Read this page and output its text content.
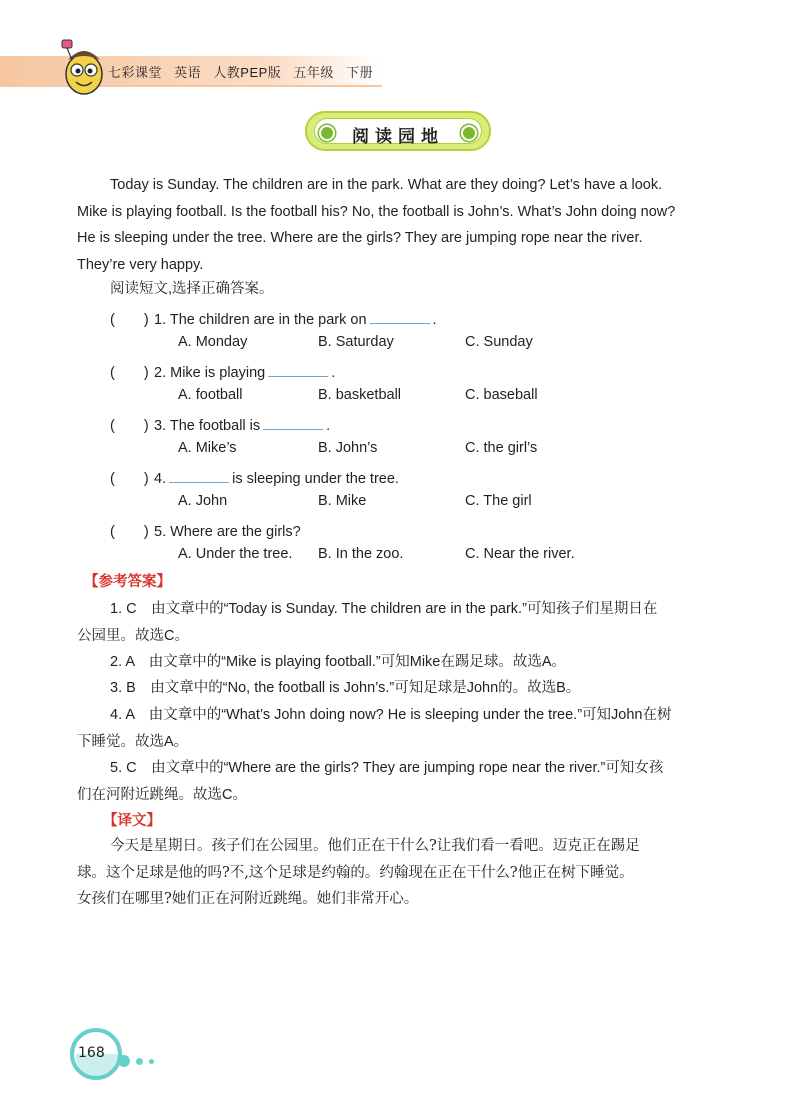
七彩课堂 英语 人教PEP版 五年级 下册
阅读园地
Today is Sunday. The children are in the park. What are they doing? Let’s have a look.
Mike is playing football. Is the football his? No, the football is John’s. What’s John doing now?
He is sleeping under the tree. Where are the girls? They are jumping rope near the river.
They’re very happy.
阅读短文,选择正确答案。
(　　) 1. The children are in the park on	.
A. Monday	B. Saturday	C. Sunday
(　　) 2. Mike is playing	.
A. football	B. basketball	C. baseball
(　　) 3. The football is	.
A. Mike’s	B. John’s	C. the girl’s
(　　) 4.	is sleeping under the tree.
A. John	B. Mike	C. The girl
(　　) 5. Where are the girls?
A. Under the tree. B. In the zoo.	C. Near the river.
【参考答案】
1. C　由文章中的“Today is Sunday. The children are in the park.”可知孩子们星期日在
公园里。故选C。
2. A　由文章中的“Mike is playing football.”可知Mike在踢足球。故选A。
3. B　由文章中的“No, the football is John’s.”可知足球是John的。故选B。
4. A　由文章中的“What’s John doing now? He is sleeping under the tree.”可知John在树
下睡觉。故选A。
5. C　由文章中的“Where are the girls? They are jumping rope near the river.”可知女孩
们在河附近跳绳。故选C。
【译文】
今天是星期日。孩子们在公园里。他们正在干什么?让我们看一看吧。迈克正在踢足
球。这个足球是他的吗?不,这个足球是约翰的。约翰现在正在干什么?他正在树下睡觉。
女孩们在哪里?她们正在河附近跳绳。她们非常开心。
168
